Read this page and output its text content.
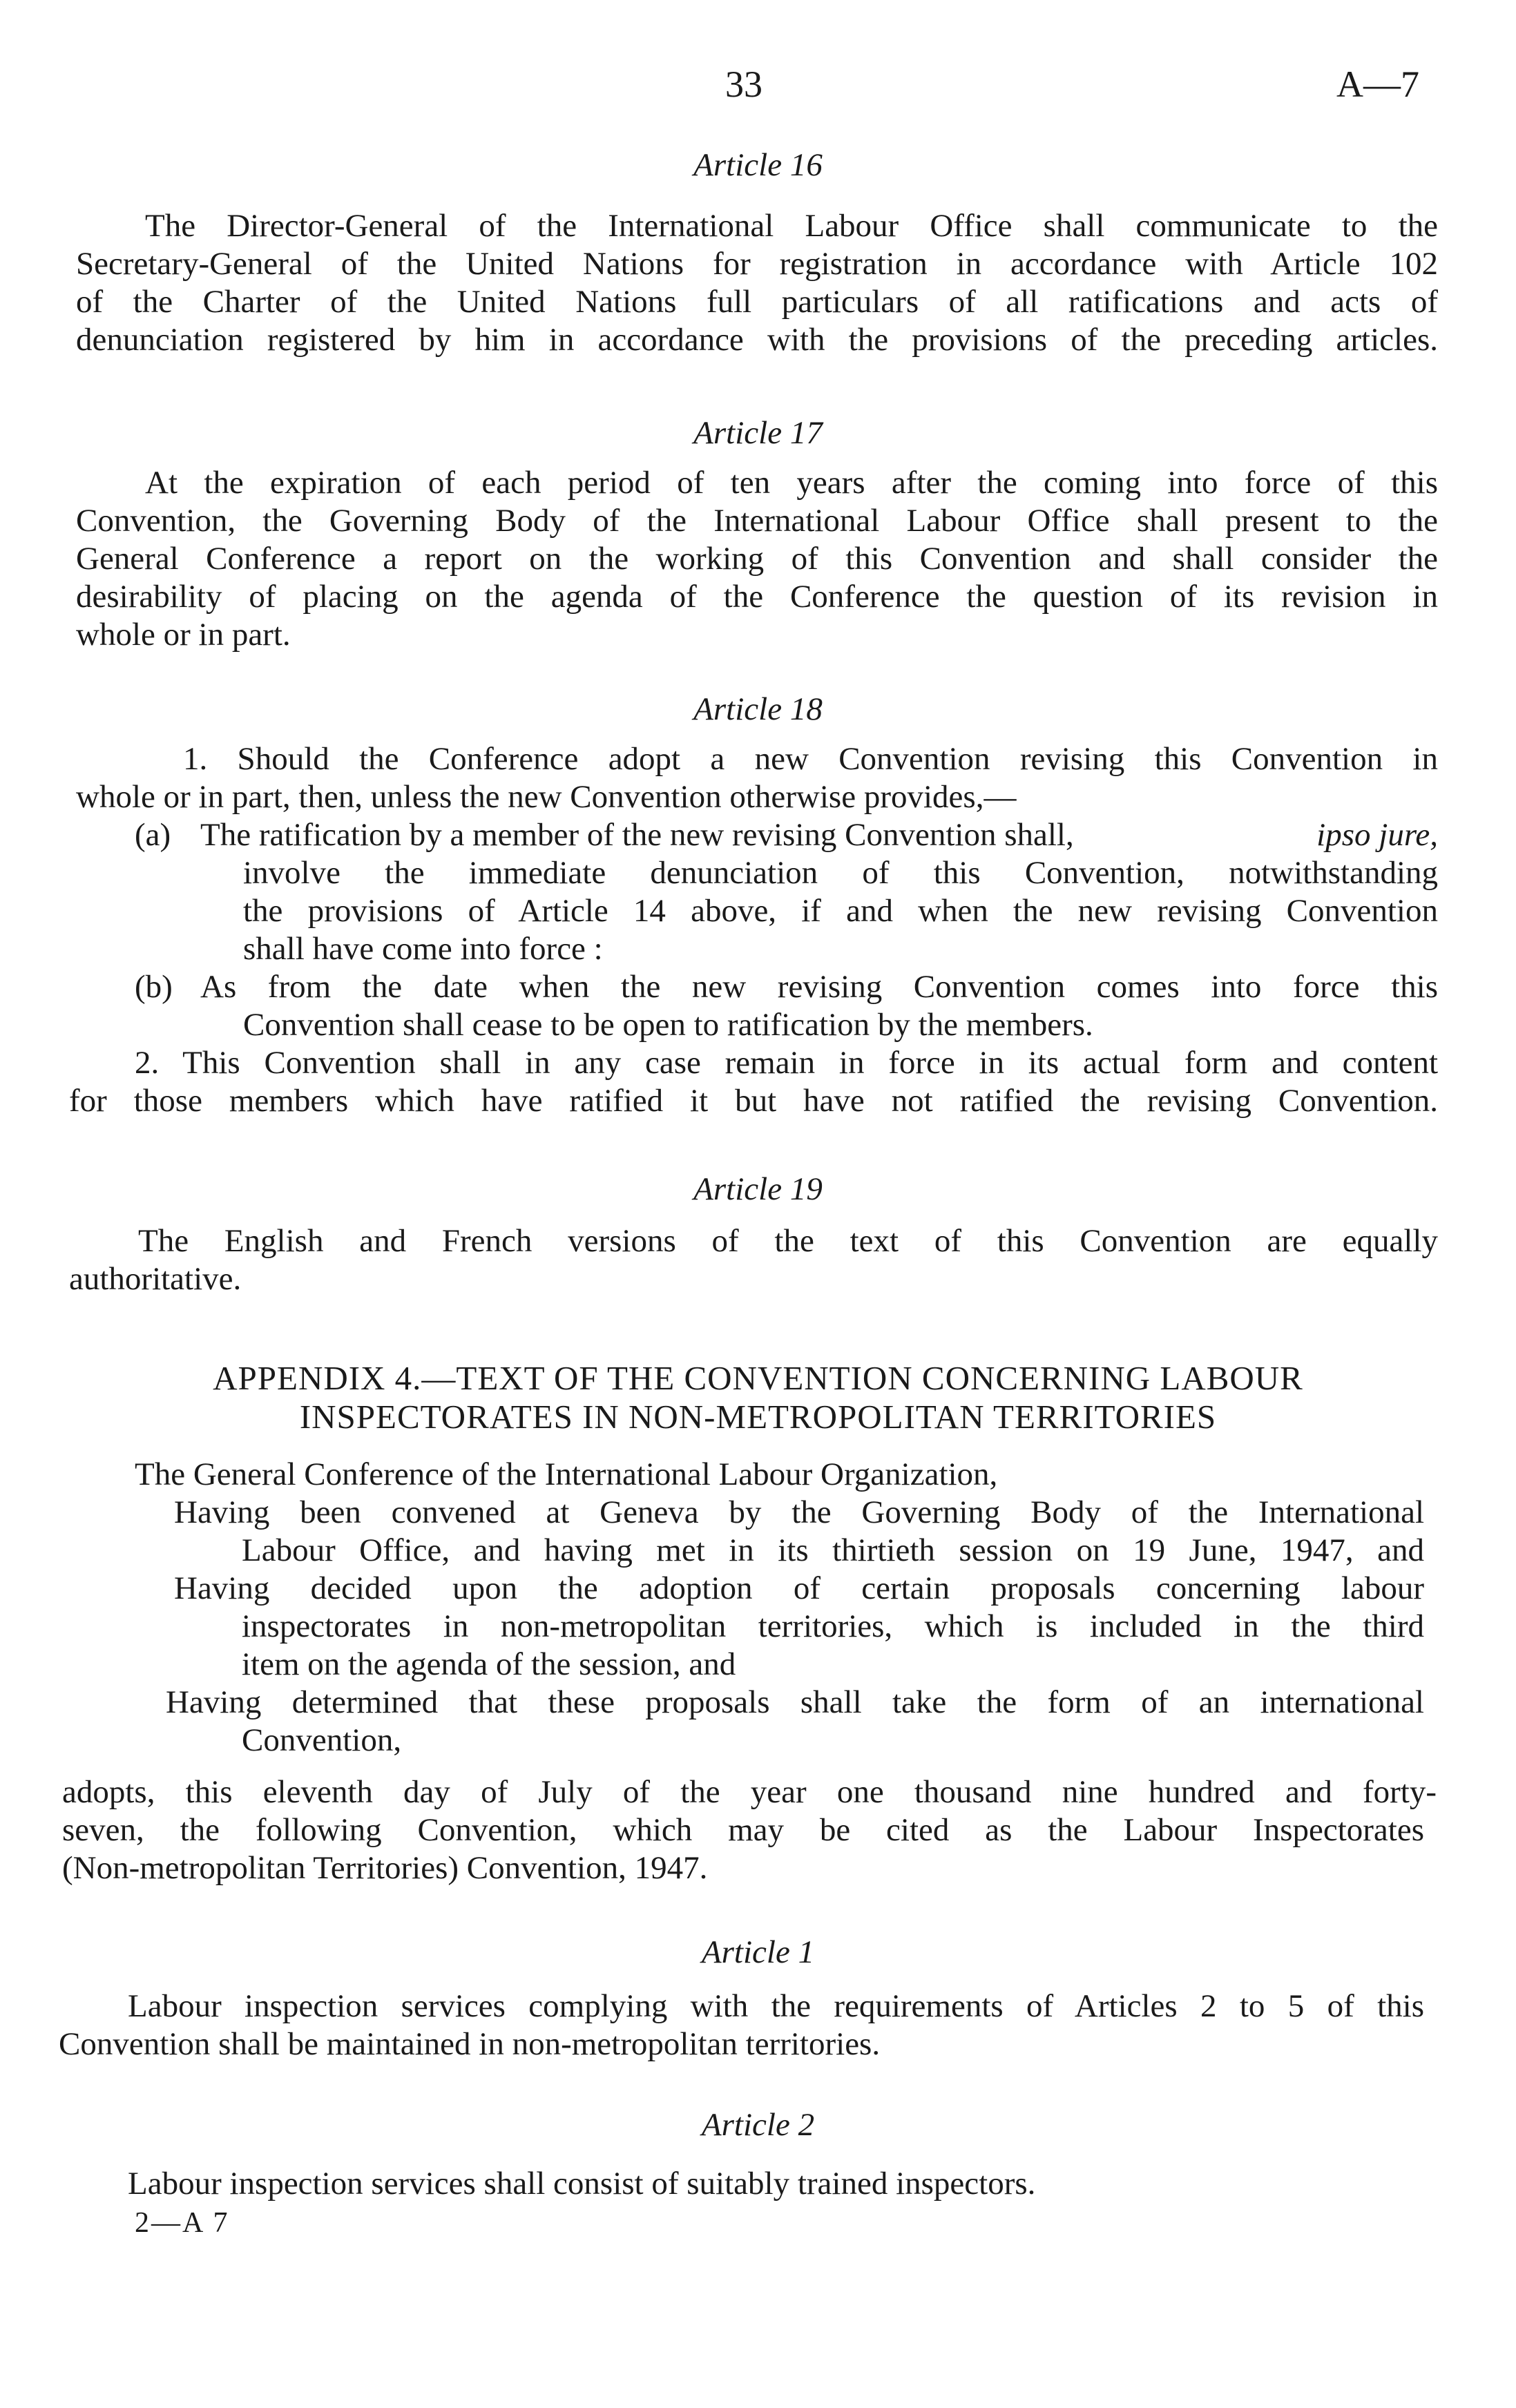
33	A—7
Article 16
The Director-General of the International Labour Office shall communicate to the
Secretary-General of the United Nations for registration in accordance with Article 102
of the Charter of the United Nations full particulars of all ratifications and acts of
denunciation registered by him in accordance with the provisions of the preceding articles.
Article 17
At the expiration of each period of ten years after the coming into force of this
Convention, the Governing Body of the International Labour Office shall present to the
General Conference a report on the working of this Convention and shall consider the
desirability of placing on the agenda of the Conference the question of its revision in
whole or in part.
Article 18
1. Should the Conference adopt a new Convention revising this Convention in
whole or in part, then, unless the new Convention otherwise provides,—
(a) The ratification by a member of the new revising Convention shall,	ipso jure,
involve the immediate denunciation of this Convention, notwithstanding
the provisions of Article 14 above, if and when the new revising Convention
shall have come into force :
(b) As from the date when the new revising Convention comes into force this
Convention shall cease to be open to ratification by the members.
2. This Convention shall in any case remain in force in its actual form and content
for those members which have ratified it but have not ratified the revising Convention.
Article 19
The English and French versions of the text of this Convention are equally
authoritative.
APPENDIX 4.—TEXT OF THE CONVENTION CONCERNING LABOUR
INSPECTORATES IN NON-METROPOLITAN TERRITORIES
The General Conference of the International Labour Organization,
Having been convened at Geneva by the Governing Body of the International
Labour Office, and having met in its thirtieth session on 19 June, 1947, and
Having decided upon the adoption of certain proposals concerning labour
inspectorates in non-metropolitan territories, which is included in the third
item on the agenda of the session, and
Having determined that these proposals shall take the form of an international
Convention,
adopts, this eleventh day of July of the year one thousand nine hundred and forty-
seven, the following Convention, which may be cited as the Labour Inspectorates
(Non-metropolitan Territories) Convention, 1947.
Article 1
Labour inspection services complying with the requirements of Articles 2 to 5 of this
Convention shall be maintained in non-metropolitan territories.
Article 2
Labour inspection services shall consist of suitably trained inspectors.
2—A 7
